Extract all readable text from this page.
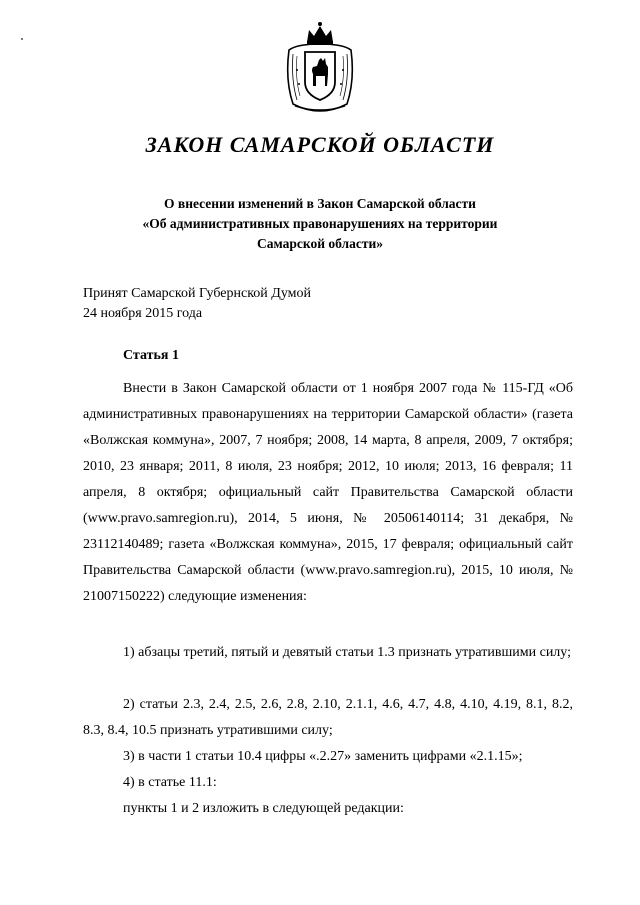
ЗАКОН САМАРСКОЙ ОБЛАСТИ
О внесении изменений в Закон Самарской области
«Об административных правонарушениях на территории
Самарской области»
Принят Самарской Губернской Думой
24 ноября 2015 года
Статья 1
Внести в Закон Самарской области от 1 ноября 2007 года № 115-ГД «Об административных правонарушениях на территории Самарской области» (газета «Волжская коммуна», 2007, 7 ноября; 2008, 14 марта, 8 апреля, 2009, 7 октября; 2010, 23 января; 2011, 8 июля, 23 ноября; 2012, 10 июля; 2013, 16 февраля; 11 апреля, 8 октября; официальный сайт Правительства Самарской области (www.pravo.samregion.ru), 2014, 5 июня, № 20506140114; 31 декабря, № 23112140489; газета «Волжская коммуна», 2015, 17 февраля; официальный сайт Правительства Самарской области (www.pravo.samregion.ru), 2015, 10 июля, № 21007150222) следующие изменения:
1) абзацы третий, пятый и девятый статьи 1.3 признать утратившими силу;
2) статьи 2.3, 2.4, 2.5, 2.6, 2.8, 2.10, 2.1.1, 4.6, 4.7, 4.8, 4.10, 4.19, 8.1, 8.2, 8.3, 8.4, 10.5 признать утратившими силу;
3) в части 1 статьи 10.4 цифры «.2.27» заменить цифрами «2.1.15»;
4) в статье 11.1:
пункты 1 и 2 изложить в следующей редакции:
